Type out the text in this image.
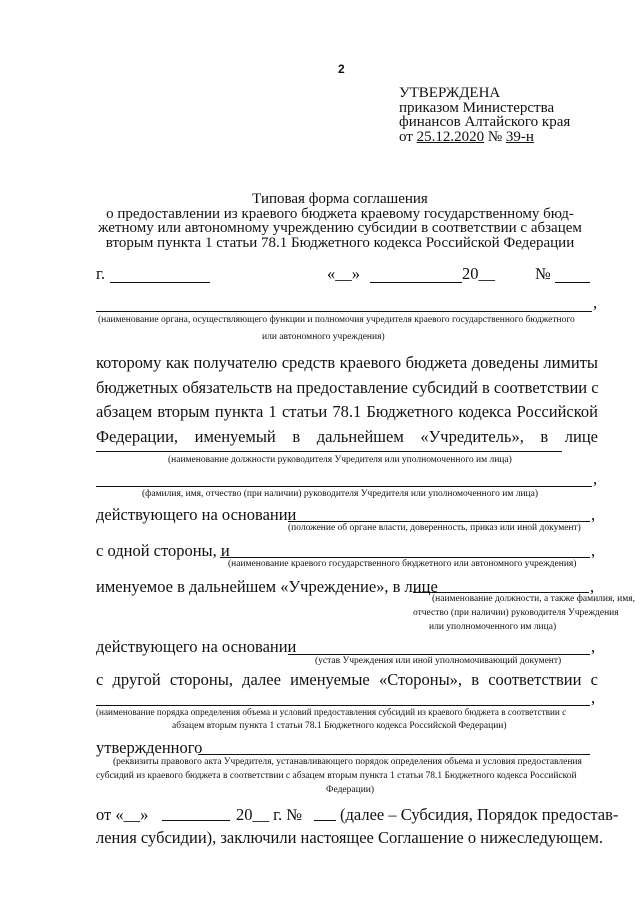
2
УТВЕРЖДЕНА
приказом Министерства
финансов Алтайского края
от 25.12.2020 № 39-н
Типовая форма соглашения
о предоставлении из краевого бюджета краевому государственному бюд-
жетному или автономному учреждению субсидии в соответствии с абзацем
вторым пункта 1 статьи 78.1 Бюджетного кодекса Российской Федерации
г.	«__»	20__ №
,
(наименование органа, осуществляющего функции и полномочия учредителя краевого государственного бюджетного
или автономного учреждения)
которому как получателю средств краевого бюджета доведены лимиты
бюджетных обязательств на предоставление субсидий в соответствии с
абзацем вторым пункта 1 статьи 78.1 Бюджетного кодекса Российской
Федерации, именуемый в дальнейшем «Учредитель», в лице
(наименование должности руководителя Учредителя или уполномоченного им лица)
,
(фамилия, имя, отчество (при наличии) руководителя Учредителя или уполномоченного им лица)
действующего на основании	,
(положение об органе власти, доверенность, приказ или иной документ)
с одной стороны, и	,
(наименование краевого государственного бюджетного или автономного учреждения)
именуемое в дальнейшем «Учреждение», в лице	,
(наименование должности, а также фамилия, имя,
отчество (при наличии) руководителя Учреждения
или уполномоченного им лица)
действующего на основании	,
(устав Учреждения или иной уполномочивающий документ)
с другой стороны, далее именуемые «Стороны», в соответствии с
,
(наименование порядка определения объема и условий предоставления субсидий из краевого бюджета в соответствии с
абзацем вторым пункта 1 статьи 78.1 Бюджетного кодекса Российской Федерации)
утвержденного
(реквизиты правового акта Учредителя, устанавливающего порядок определения объема и условия предоставления
субсидий из краевого бюджета в соответствии с абзацем вторым пункта 1 статьи 78.1 Бюджетного кодекса Российской
Федерации)
от «__»	20__ г. № (далее – Субсидия, Порядок предостав-
ления субсидии), заключили настоящее Соглашение о нижеследующем.
